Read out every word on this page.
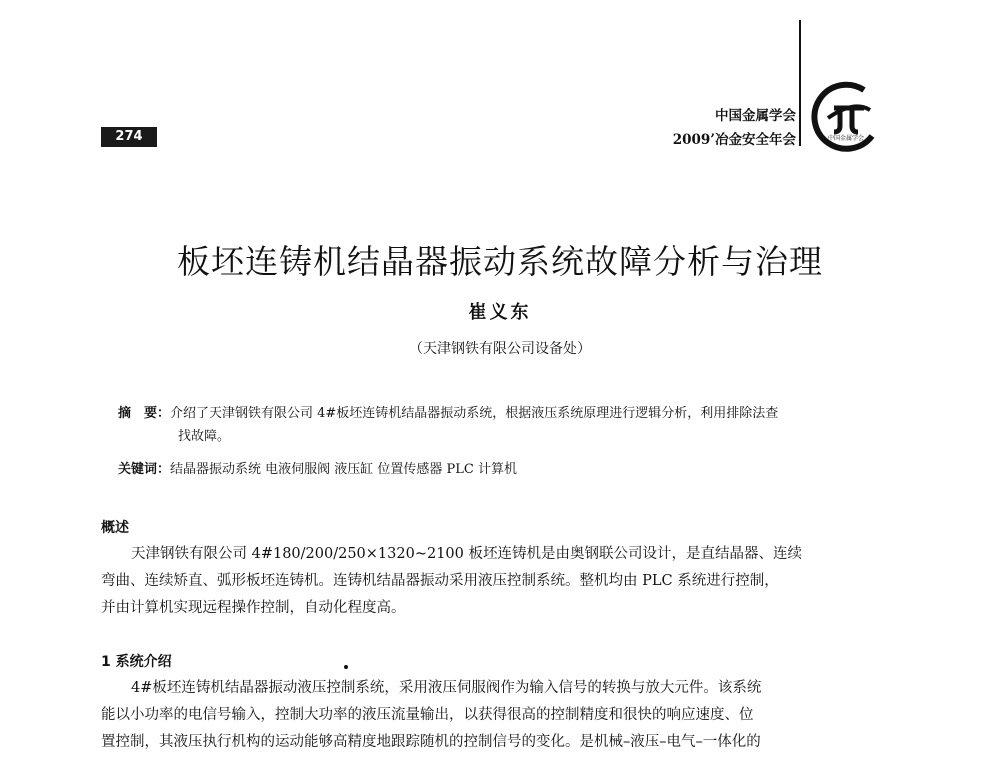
274
中国金属学会
2009’冶金安全年会	中国金属学会
板坯连铸机结晶器振动系统故障分析与治理
崔义东
（天津钢铁有限公司设备处）
摘　要：介绍了天津钢铁有限公司 4#板坯连铸机结晶器振动系统，根据液压系统原理进行逻辑分析，利用排除法查
找故障。
关键词：结晶器振动系统 电液伺服阀 液压缸 位置传感器 PLC 计算机
概述
天津钢铁有限公司 4#180/200/250×1320~2100 板坯连铸机是由奥钢联公司设计，是直结晶器、连续
弯曲、连续矫直、弧形板坯连铸机。连铸机结晶器振动采用液压控制系统。整机均由 PLC 系统进行控制，
并由计算机实现远程操作控制，自动化程度高。
1 系统介绍
4#板坯连铸机结晶器振动液压控制系统，采用液压伺服阀作为输入信号的转换与放大元件。该系统
能以小功率的电信号输入，控制大功率的液压流量输出，以获得很高的控制精度和很快的响应速度、位
置控制，其液压执行机构的运动能够高精度地跟踪随机的控制信号的变化。是机械–液压–电气–一体化的
